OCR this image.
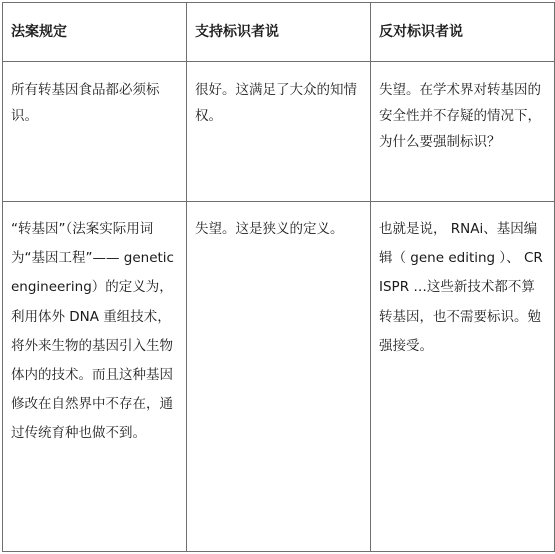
法案规定	支持标识者说	反对标识者说

所有转基因食品都必须标识。	很好。这满足了大众的知情权。	失望。在学术界对转基因的安全性并不存疑的情况下，为什么要强制标识？

“转基因”（法案实际用词为“基因工程”—— genetic engineering）的定义为，利用体外 DNA 重组技术，将外来生物的基因引入生物体内的技术。而且这种基因修改在自然界中不存在，通过传统育种也做不到。	失望。这是狭义的定义。	也就是说， RNAi、基因编辑（ gene editing ）、 CRISPR …这些新技术都不算转基因，也不需要标识。勉强接受。
